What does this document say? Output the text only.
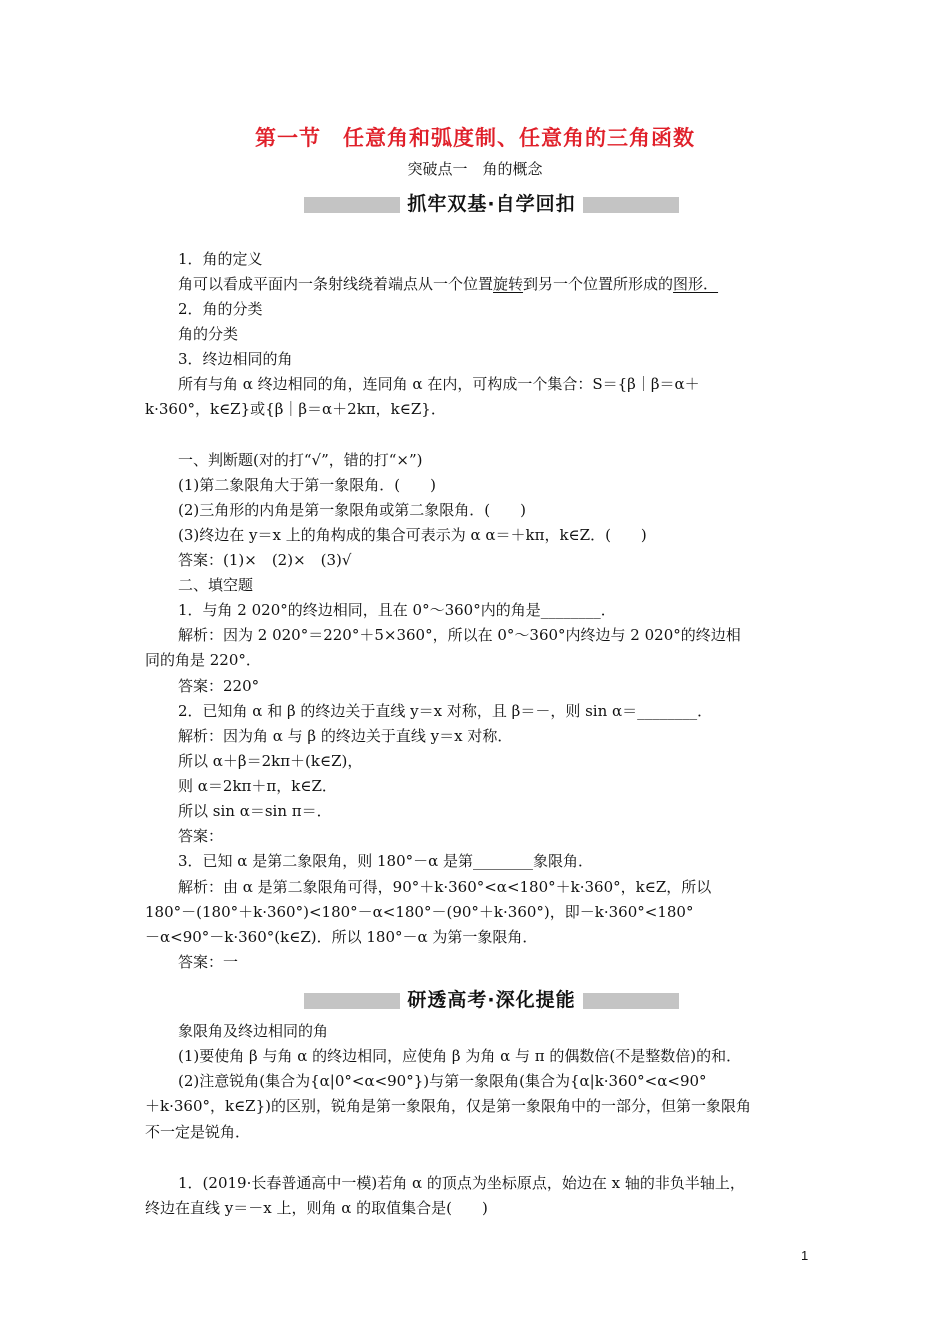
第一节　任意角和弧度制、任意角的三角函数
突破点一　角的概念
抓牢双基·自学回扣
1．角的定义
角可以看成平面内一条射线绕着端点从一个位置旋转到另一个位置所形成的图形．
2．角的分类
角的分类
3．终边相同的角
所有与角 α 终边相同的角，连同角 α 在内，可构成一个集合：S＝{β｜β＝α＋
k·360°，k∈Z}或{β｜β＝α＋2kπ，k∈Z}．
一、判断题(对的打“√”，错的打“×”)
(1)第二象限角大于第一象限角．(　　)
(2)三角形的内角是第一象限角或第二象限角．(　　)
(3)终边在 y＝x 上的角构成的集合可表示为 α α＝＋kπ，k∈Z．(　　)
答案：(1)×　(2)×　(3)√
二、填空题
1．与角 2 020°的终边相同，且在 0°～360°内的角是________．
解析：因为 2 020°＝220°＋5×360°，所以在 0°～360°内终边与 2 020°的终边相
同的角是 220°．
答案：220°
2．已知角 α 和 β 的终边关于直线 y＝x 对称，且 β＝－，则 sin α＝________．
解析：因为角 α 与 β 的终边关于直线 y＝x 对称．
所以 α＋β＝2kπ＋(k∈Z)，
则 α＝2kπ＋π，k∈Z．
所以 sin α＝sin π＝．
答案：
3．已知 α 是第二象限角，则 180°－α 是第________象限角．
解析：由 α 是第二象限角可得，90°＋k·360°<α<180°＋k·360°，k∈Z，所以
180°－(180°＋k·360°)<180°－α<180°－(90°＋k·360°)，即－k·360°<180°
－α<90°－k·360°(k∈Z)．所以 180°－α 为第一象限角．
答案：一
研透高考·深化提能
象限角及终边相同的角
(1)要使角 β 与角 α 的终边相同，应使角 β 为角 α 与 π 的偶数倍(不是整数倍)的和．
(2)注意锐角(集合为{α|0°<α<90°})与第一象限角(集合为{α|k·360°<α<90°
＋k·360°，k∈Z})的区别，锐角是第一象限角，仅是第一象限角中的一部分，但第一象限角
不一定是锐角．
1．(2019·长春普通高中一模)若角 α 的顶点为坐标原点，始边在 x 轴的非负半轴上，
终边在直线 y＝－x 上，则角 α 的取值集合是(　　)
1
